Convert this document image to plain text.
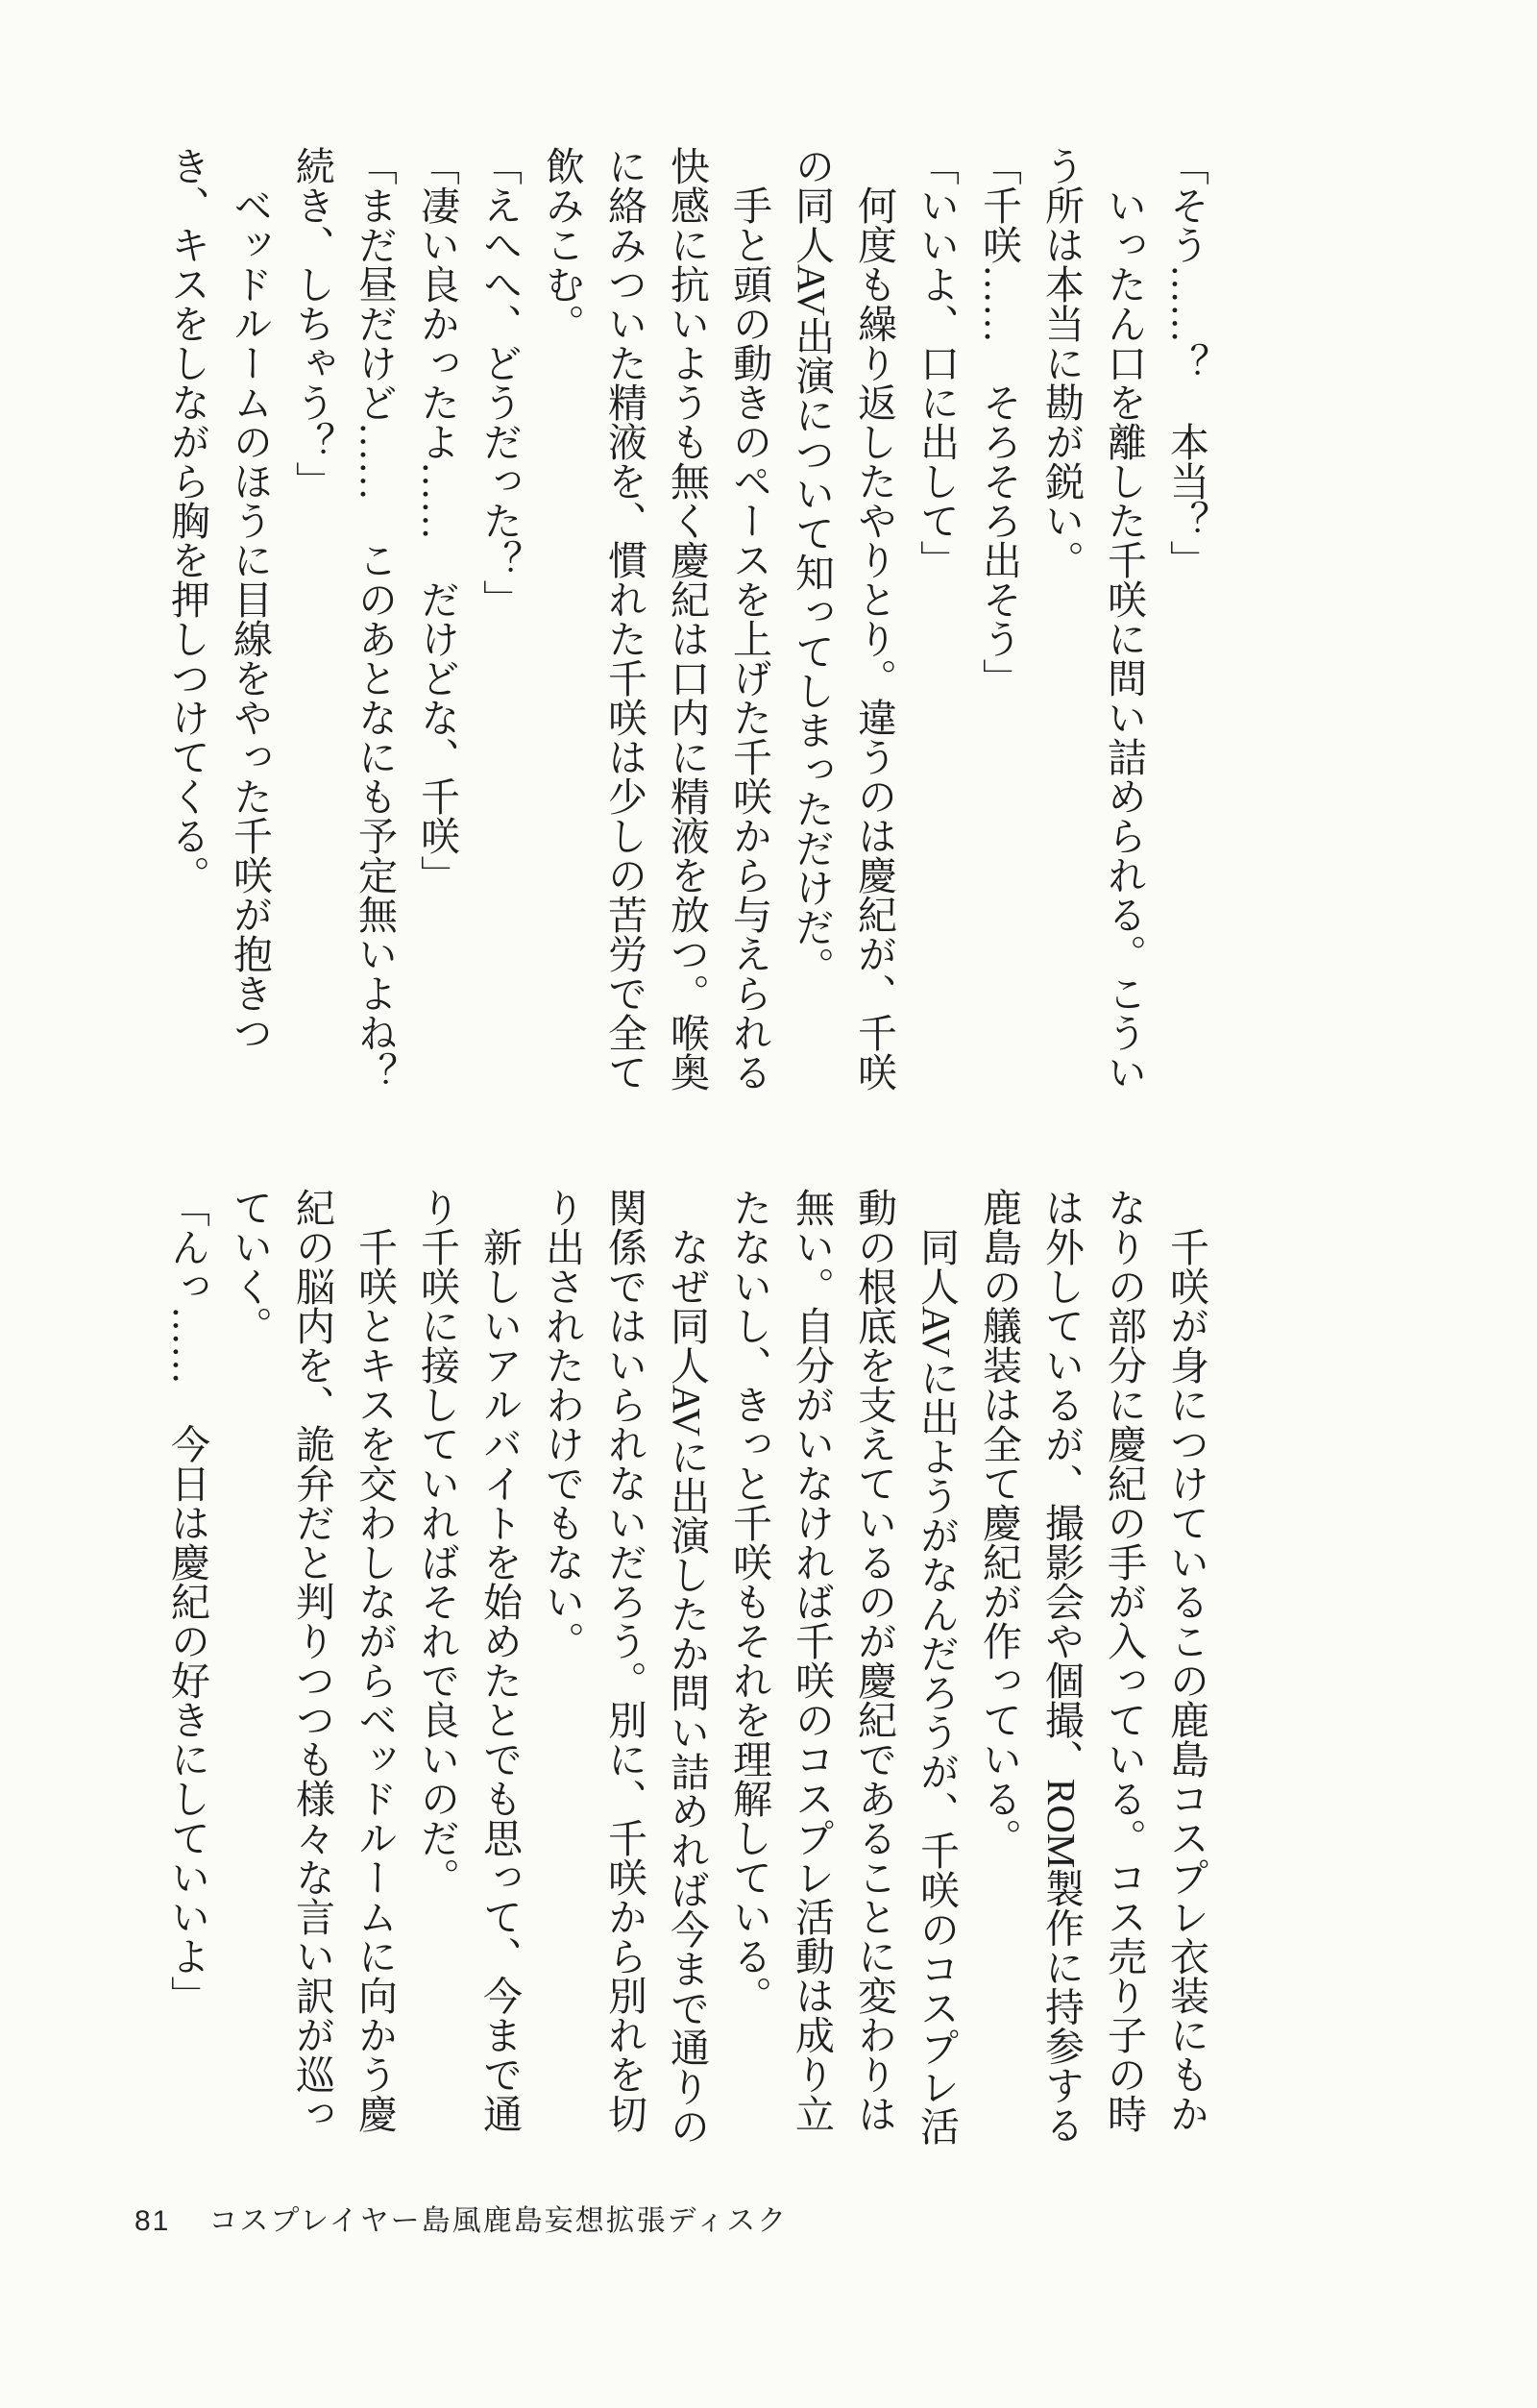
「そう……？　本当？」

いったん口を離した千咲に問い詰められる。こうい

う所は本当に勘が鋭い。

「千咲……　そろそろ出そう」

「いいよ、口に出して」

何度も繰り返したやりとり。違うのは慶紀が、千咲

の同人AV出演について知ってしまっただけだ。

手と頭の動きのペースを上げた千咲から与えられる

快感に抗いようも無く慶紀は口内に精液を放つ。喉奥

に絡みついた精液を、慣れた千咲は少しの苦労で全て

飲みこむ。

「えへへ、どうだった？」

「凄い良かったよ……　だけどな、千咲」

「まだ昼だけど……　このあとなにも予定無いよね？

続き、しちゃう？」

ベッドルームのほうに目線をやった千咲が抱きつ

き、キスをしながら胸を押しつけてくる。

千咲が身につけているこの鹿島コスプレ衣装にもか

なりの部分に慶紀の手が入っている。コス売り子の時

は外しているが、撮影会や個撮、ROM製作に持参する

鹿島の艤装は全て慶紀が作っている。

同人AVに出ようがなんだろうが、千咲のコスプレ活

動の根底を支えているのが慶紀であることに変わりは

無い。自分がいなければ千咲のコスプレ活動は成り立

たないし、きっと千咲もそれを理解している。

なぜ同人AVに出演したか問い詰めれば今まで通りの

関係ではいられないだろう。別に、千咲から別れを切

り出されたわけでもない。

新しいアルバイトを始めたとでも思って、今まで通

り千咲に接していればそれで良いのだ。

千咲とキスを交わしながらベッドルームに向かう慶

紀の脳内を、詭弁だと判りつつも様々な言い訳が巡っ

ていく。

「んっ……　今日は慶紀の好きにしていいよ」

81 コスプレイヤー島風鹿島妄想拡張ディスク
